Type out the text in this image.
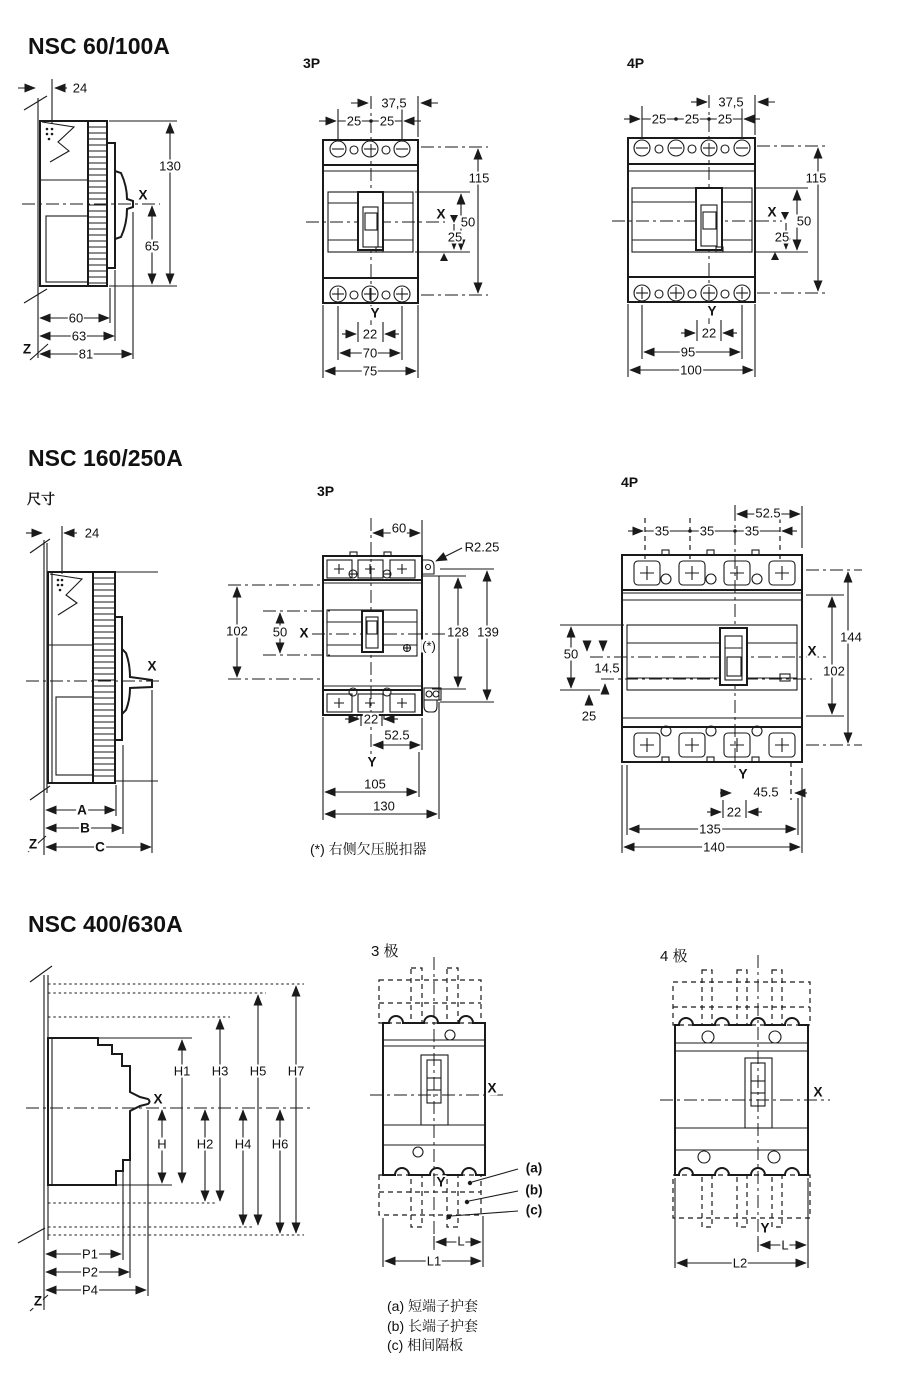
NSC 60/100A
NSC 160/250A
NSC 400/630A
尺寸
3P	4P
3P
4P
3 极	4 极
24
130
65
X
60
63
81
Z
37,5
25 25
115
X
50
25
Y
22
70
75
37,5
25 25 25
115
X
50
25
Y
22
95
100
24
X
A
B
C
Z
60
R2.25
102 50 X	128 139
(*)
22
52.5
Y
105
130
(*) 右侧欠压脱扣器
52.5
35 35 35
144
102
50
14.5
25
X
Y
45.5
22
135
140
H1 H3 H5 H7
H H2 H4 H6
X
P1
P2
P4
Z
X
Y
(a)
(b)
(c)
L
L1
X
Y
L
L2
(a) 短端子护套
(b) 长端子护套
(c) 相间隔板
